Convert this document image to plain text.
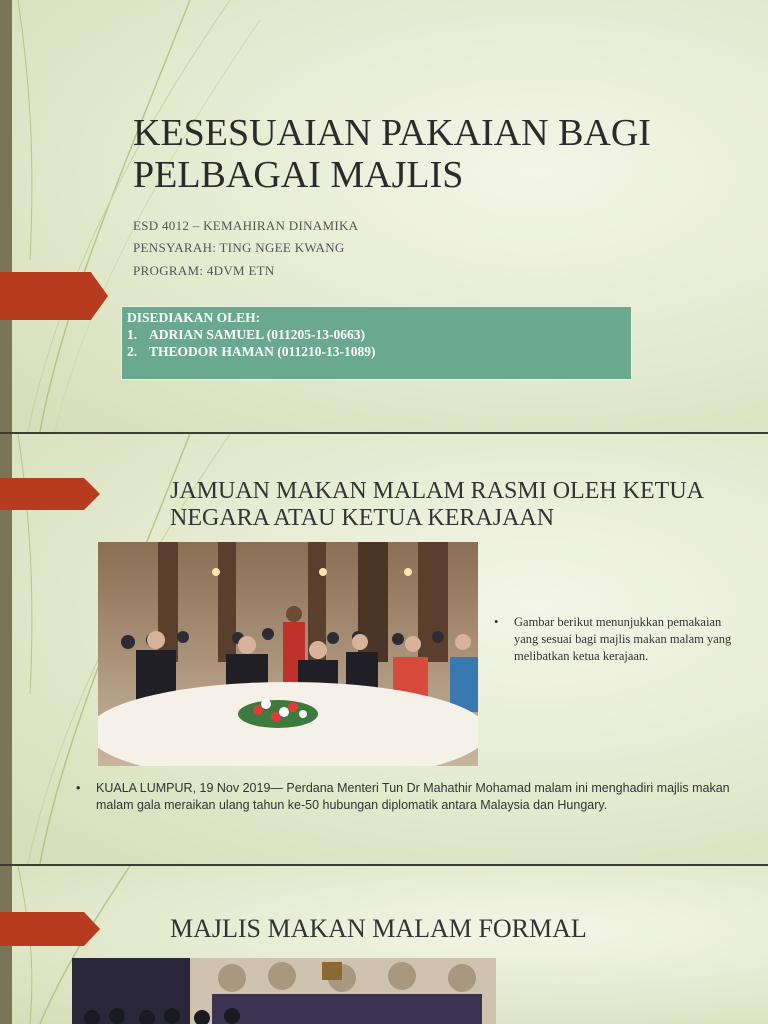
KESESUAIAN PAKAIAN BAGI PELBAGAI MAJLIS
ESD 4012 – KEMAHIRAN DINAMIKA
PENSYARAH: TING NGEE KWANG
PROGRAM: 4DVM ETN
DISEDIAKAN OLEH:
1. ADRIAN SAMUEL (011205-13-0663)
2. THEODOR HAMAN (011210-13-1089)
JAMUAN MAKAN MALAM RASMI OLEH KETUA NEGARA ATAU KETUA KERAJAAN
• Gambar berikut menunjukkan pemakaian yang sesuai bagi majlis makan malam yang melibatkan ketua kerajaan.
• KUALA LUMPUR, 19 Nov 2019— Perdana Menteri Tun Dr Mahathir Mohamad malam ini menghadiri majlis makan malam gala meraikan ulang tahun ke-50 hubungan diplomatik antara Malaysia dan Hungary.
MAJLIS MAKAN MALAM FORMAL
